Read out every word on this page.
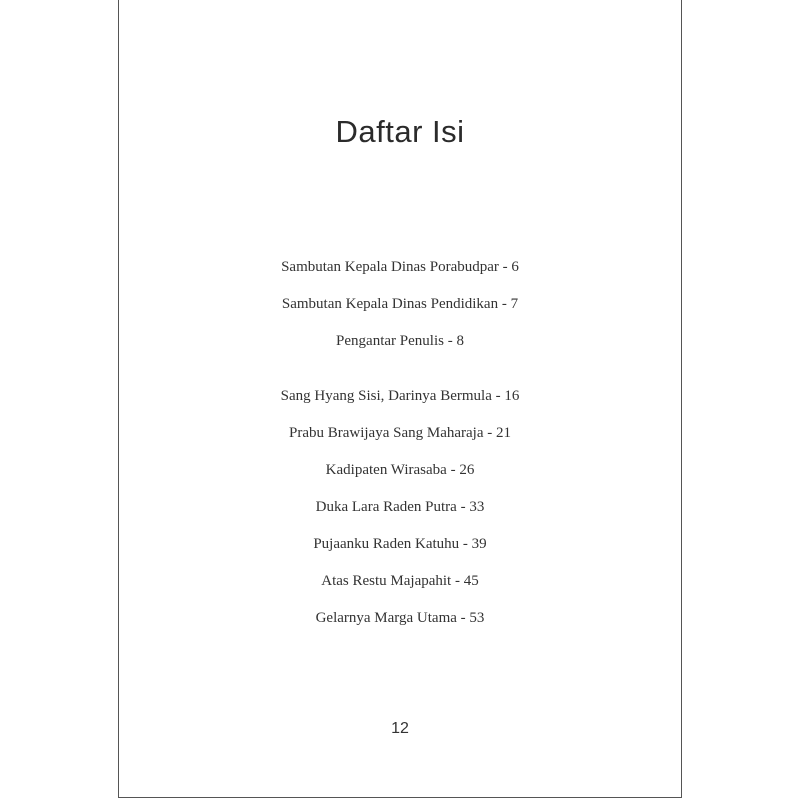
Daftar Isi
Sambutan Kepala Dinas Porabudpar - 6
Sambutan Kepala Dinas Pendidikan - 7
Pengantar Penulis - 8
Sang Hyang Sisi, Darinya Bermula - 16
Prabu Brawijaya Sang Maharaja - 21
Kadipaten Wirasaba - 26
Duka Lara Raden Putra - 33
Pujaanku Raden Katuhu - 39
Atas Restu Majapahit - 45
Gelarnya Marga Utama - 53
12
